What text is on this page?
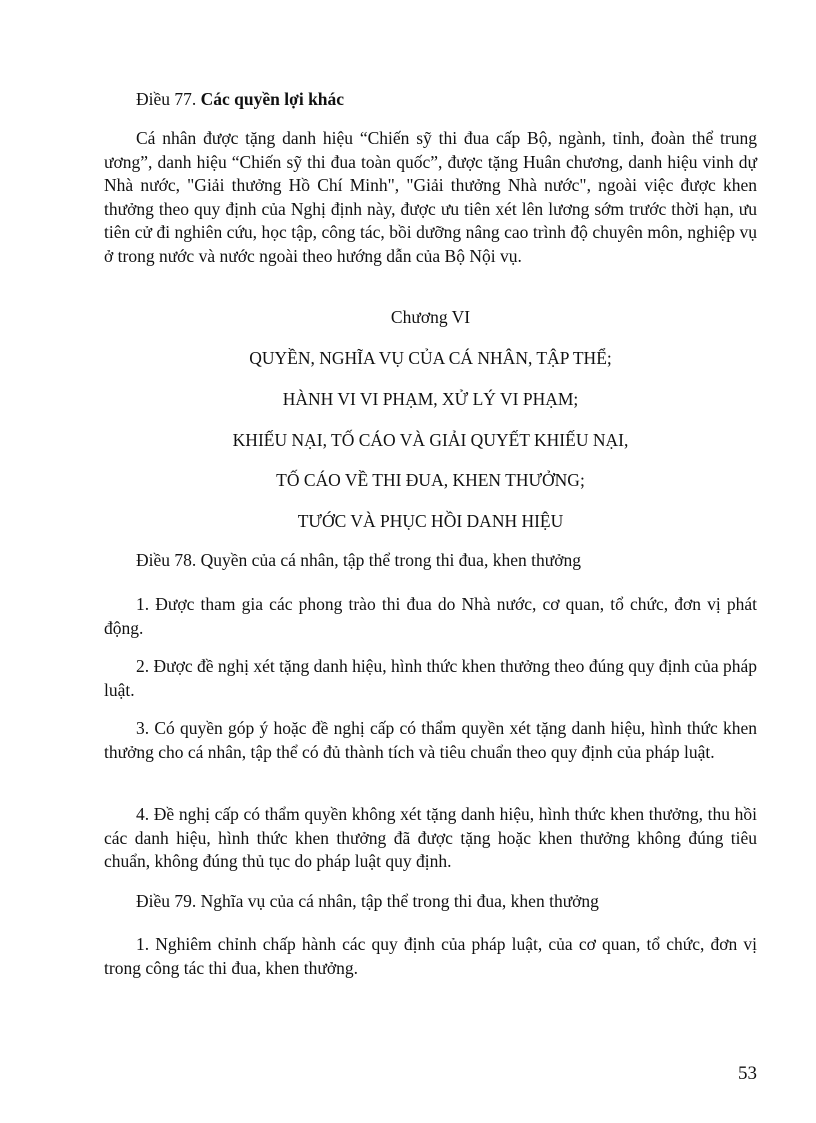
Điều 77. Các quyền lợi khác

Cá nhân được tặng danh hiệu “Chiến sỹ thi đua cấp Bộ, ngành, tỉnh, đoàn thể trung ương”, danh hiệu “Chiến sỹ thi đua toàn quốc”, được tặng Huân chương, danh hiệu vinh dự Nhà nước, "Giải thưởng Hồ Chí Minh", "Giải thưởng Nhà nước", ngoài việc được khen thưởng theo quy định của Nghị định này, được ưu tiên xét lên lương sớm trước thời hạn, ưu tiên cử đi nghiên cứu, học tập, công tác, bồi dưỡng nâng cao trình độ chuyên môn, nghiệp vụ ở trong nước và nước ngoài theo hướng dẫn của Bộ Nội vụ.

Chương VI

QUYỀN, NGHĨA VỤ CỦA CÁ NHÂN, TẬP THỂ;

HÀNH VI VI PHẠM, XỬ LÝ VI PHẠM;

KHIẾU NẠI, TỐ CÁO VÀ GIẢI QUYẾT KHIẾU NẠI,

TỐ CÁO VỀ THI ĐUA, KHEN THƯỞNG;

TƯỚC VÀ PHỤC HỒI DANH HIỆU

Điều 78. Quyền của cá nhân, tập thể trong thi đua, khen thưởng

1. Được tham gia các phong trào thi đua do Nhà nước, cơ quan, tổ chức, đơn vị phát động.

2. Được đề nghị xét tặng danh hiệu, hình thức khen thưởng theo đúng quy định của pháp luật.

3. Có quyền góp ý hoặc đề nghị cấp có thẩm quyền xét tặng danh hiệu, hình thức khen thưởng cho cá nhân, tập thể có đủ thành tích và tiêu chuẩn theo quy định của pháp luật.

4. Đề nghị cấp có thẩm quyền không xét tặng danh hiệu, hình thức khen thưởng, thu hồi các danh hiệu, hình thức khen thưởng đã được tặng hoặc khen thưởng không đúng tiêu chuẩn, không đúng thủ tục do pháp luật quy định.

Điều 79. Nghĩa vụ của cá nhân, tập thể trong thi đua, khen thưởng

1. Nghiêm chỉnh chấp hành các quy định của pháp luật, của cơ quan, tổ chức, đơn vị trong công tác thi đua, khen thưởng.

53
